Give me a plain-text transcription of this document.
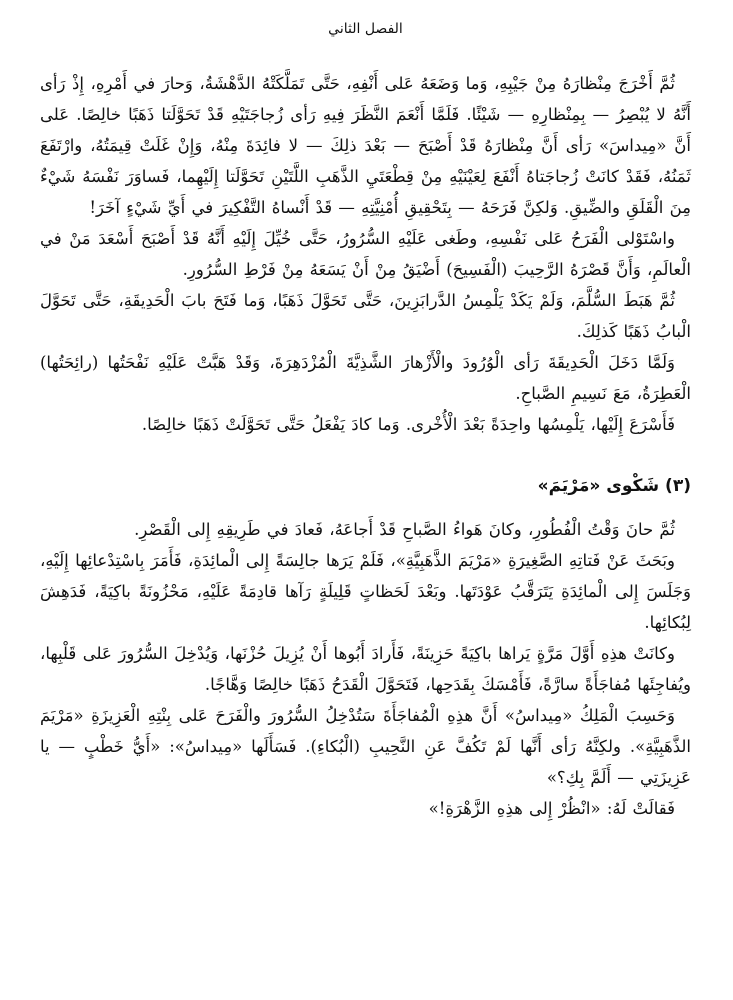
الفصل الثاني

ثُمَّ أَخْرَجَ مِنْظارَهُ مِنْ جَيْبِهِ، وَما وَضَعَهُ عَلى أَنْفِهِ، حَتَّى تَمَلَّكَتْهُ الدَّهْشَةُ، وَحارَ في أَمْرِهِ، إِذْ رَأى أَنَّهُ لا يُبْصِرُ — بِمِنْظارِهِ — شَيْئًا. فَلَمَّا أَنْعَمَ النَّظَرَ فِيهِ رَأى زُجاجَتَيْهِ قَدْ تَحَوَّلَتا ذَهَبًا خالِصًا. عَلى أَنَّ «مِيداسَ» رَأى أَنَّ مِنْظارَهُ قَدْ أَصْبَحَ — بَعْدَ ذلِكَ — لا فائِدَةَ مِنْهُ، وَإِنْ غَلَتْ قِيمَتُهُ، وارْتَفَعَ ثَمَنُهُ، فَقَدْ كانَتْ زُجاجَتاهُ أَنْفَعَ لِعَيْنَيْهِ مِنْ قِطْعَتَيِ الذَّهَبِ اللَّتَيْنِ تَحَوَّلَتا إِلَيْهِما، فَساوَرَ نَفْسَهُ شَيْءٌ مِنَ الْقَلَقِ والضِّيقِ. وَلكِنَّ فَرَحَهُ — بِتَحْقِيقِ أُمْنِيَّتِهِ — قَدْ أَنْساهُ التَّفْكِيرَ في أَيِّ شَيْءٍ آخَرَ!

واسْتَوْلى الْفَرَحُ عَلى نَفْسِهِ، وطَغى عَلَيْهِ السُّرُورُ، حَتَّى خُيِّلَ إِلَيْهِ أَنَّهُ قَدْ أَصْبَحَ أَسْعَدَ مَنْ في الْعالَمِ، وَأَنَّ قَصْرَهُ الرَّحِيبَ (الْفَسِيحَ) أَضْيَقُ مِنْ أَنْ يَسَعَهُ مِنْ فَرْطِ السُّرُورِ.

ثُمَّ هَبَطَ السُّلَّمَ، وَلَمْ يَكَدْ يَلْمِسُ الدَّرابَزِينَ، حَتَّى تَحَوَّلَ ذَهَبًا، وَما فَتَحَ بابَ الْحَدِيقَةِ، حَتَّى تَحَوَّلَ الْبابُ ذَهَبًا كَذلِكَ.

وَلَمَّا دَخَلَ الْحَدِيقَةَ رَأى الْوُرُودَ والْأَزْهارَ الشَّذِيَّةَ الْمُزْدَهِرَةَ، وَقَدْ هَبَّتْ عَلَيْهِ نَفْحَتُها (رائِحَتُها) الْعَطِرَةُ، مَعَ نَسِيمِ الصَّباحِ.

فَأَسْرَعَ إِلَيْها، يَلْمِسُها واحِدَةً بَعْدَ الْأُخْرى. وَما كادَ يَفْعَلُ حَتَّى تَحَوَّلَتْ ذَهَبًا خالِصًا.

(٣) شَكْوى «مَرْيَمَ»

ثُمَّ حانَ وَقْتُ الْفُطُورِ، وكانَ هَواءُ الصَّباحِ قَدْ أَجاعَهُ، فَعادَ في طَرِيقِهِ إِلى الْقَصْرِ.

وبَحَثَ عَنْ فَتاتِهِ الصَّغِيرَةِ «مَرْيَمَ الذَّهَبِيَّةِ»، فَلَمْ يَرَها جالِسَةً إِلى الْمائِدَةِ، فَأَمَرَ بِاسْتِدْعائِها إِلَيْهِ، وَجَلَسَ إِلى الْمائِدَةِ يَتَرَقَّبُ عَوْدَتَها. وبَعْدَ لَحَظاتٍ قَلِيلَةٍ رَآها قادِمَةً عَلَيْهِ، مَحْزُونَةً باكِيَةً، فَدَهِشَ لِبُكائِها.

وكانَتْ هذِهِ أَوَّلَ مَرَّةٍ يَراها باكِيَةً حَزِينَةً، فَأَرادَ أَبُوها أَنْ يُزِيلَ حُزْنَها، وَيُدْخِلَ السُّرُورَ عَلى قَلْبِها، ويُفاجِئَها مُفاجَأَةً سارَّةً، فَأَمْسَكَ بِقَدَحِها، فَتَحَوَّلَ الْقَدَحُ ذَهَبًا خالِصًا وَهَّاجًا.

وَحَسِبَ الْمَلِكُ «مِيداسُ» أَنَّ هذِهِ الْمُفاجَأَةَ سَتُدْخِلُ السُّرُورَ والْفَرَحَ عَلى بِنْتِهِ الْعَزِيزَةِ «مَرْيَمَ الذَّهَبِيَّةِ». ولكِنَّهُ رَأى أَنَّها لَمْ تَكُفَّ عَنِ النَّحِيبِ (الْبُكاءِ). فَسَأَلَها «مِيداسُ»: «أَيُّ خَطْبٍ — يا عَزِيزَتِي — أَلَمَّ بِكِ؟»

فَقالَتْ لَهُ: «انْظُرْ إِلى هذِهِ الزَّهْرَةِ!»
